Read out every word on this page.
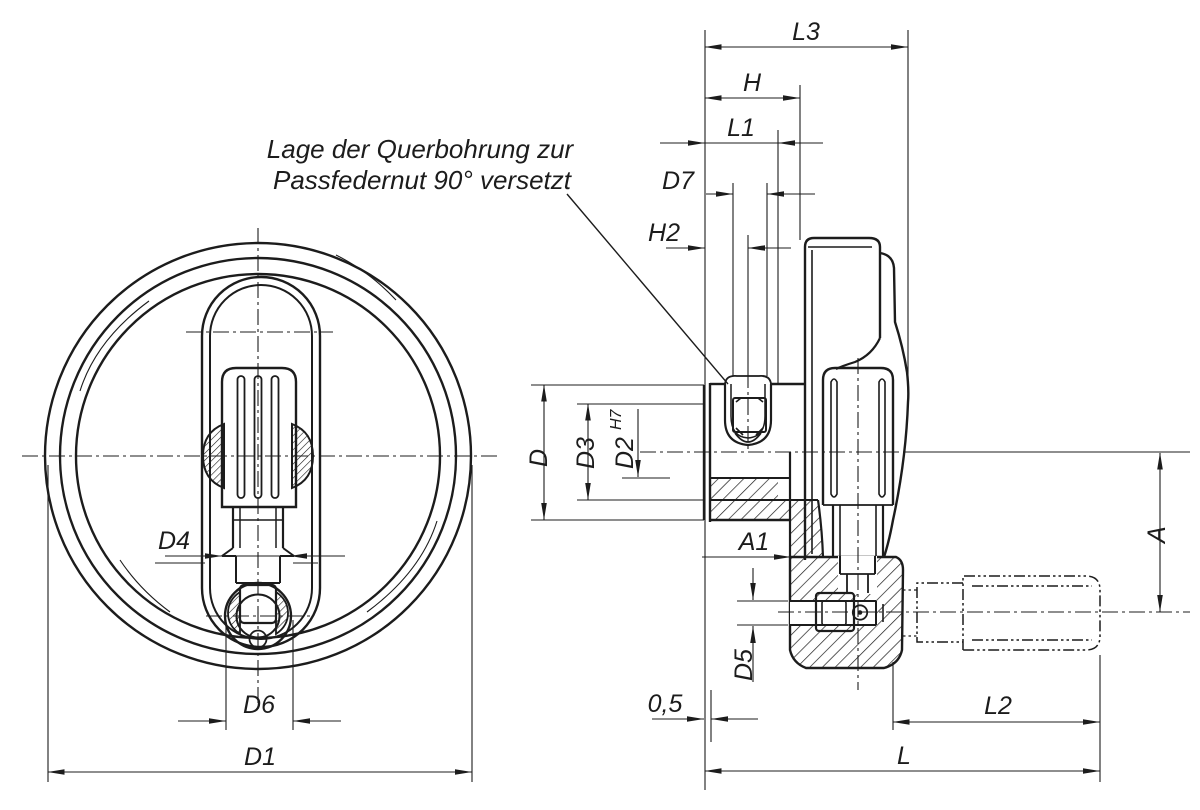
L3
H
L1
D7
H2
D D3 D2
H7
A1
D5
0,5	L2
L
A
D4
D6
D1
Lage der Querbohrung zur
Passfedernut 90° versetzt
